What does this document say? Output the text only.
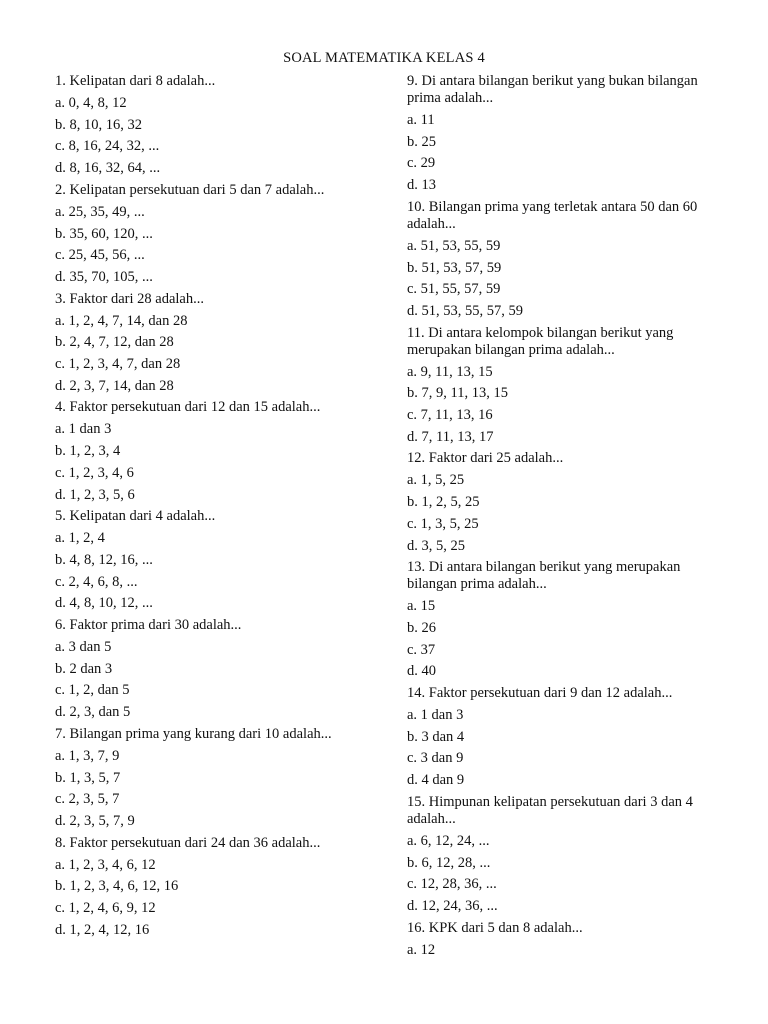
SOAL MATEMATIKA KELAS 4
1. Kelipatan dari 8 adalah...
a. 0, 4, 8, 12
b. 8, 10, 16, 32
c. 8, 16, 24, 32, ...
d. 8, 16, 32, 64, ...
2. Kelipatan persekutuan dari 5 dan 7 adalah...
a. 25, 35, 49, ...
b. 35, 60, 120, ...
c. 25, 45, 56, ...
d. 35, 70, 105, ...
3. Faktor dari 28 adalah...
a. 1, 2, 4, 7, 14, dan 28
b. 2, 4, 7, 12, dan 28
c. 1, 2, 3, 4, 7, dan 28
d. 2, 3, 7, 14, dan 28
4. Faktor persekutuan dari 12 dan 15 adalah...
a. 1 dan 3
b. 1, 2, 3, 4
c. 1, 2, 3, 4, 6
d. 1, 2, 3, 5, 6
5. Kelipatan dari 4 adalah...
a. 1, 2, 4
b. 4, 8, 12, 16, ...
c. 2, 4, 6, 8, ...
d. 4, 8, 10, 12, ...
6. Faktor prima dari 30 adalah...
a. 3 dan 5
b. 2 dan 3
c. 1, 2, dan 5
d. 2, 3, dan 5
7. Bilangan prima yang kurang dari 10 adalah...
a. 1, 3, 7, 9
b. 1, 3, 5, 7
c. 2, 3, 5, 7
d. 2, 3, 5, 7, 9
8. Faktor persekutuan dari 24 dan 36 adalah...
a. 1, 2, 3, 4, 6, 12
b. 1, 2, 3, 4, 6, 12, 16
c. 1, 2, 4, 6, 9, 12
d. 1, 2, 4, 12, 16
9. Di antara bilangan berikut yang bukan bilangan prima adalah...
a. 11
b. 25
c. 29
d. 13
10. Bilangan prima yang terletak antara 50 dan 60 adalah...
a. 51, 53, 55, 59
b. 51, 53, 57, 59
c. 51, 55, 57, 59
d. 51, 53, 55, 57, 59
11. Di antara kelompok bilangan berikut yang merupakan bilangan prima adalah...
a. 9, 11, 13, 15
b. 7, 9, 11, 13, 15
c. 7, 11, 13, 16
d. 7, 11, 13, 17
12. Faktor dari 25 adalah...
a. 1, 5, 25
b. 1, 2, 5, 25
c. 1, 3, 5, 25
d. 3, 5, 25
13. Di antara bilangan berikut yang merupakan bilangan prima adalah...
a. 15
b. 26
c. 37
d. 40
14. Faktor persekutuan dari 9 dan 12 adalah...
a. 1 dan 3
b. 3 dan 4
c. 3 dan 9
d. 4 dan 9
15. Himpunan kelipatan persekutuan dari 3 dan 4 adalah...
a. 6, 12, 24, ...
b. 6, 12, 28, ...
c. 12, 28, 36, ...
d. 12, 24, 36, ...
16. KPK dari 5 dan 8 adalah...
a. 12
